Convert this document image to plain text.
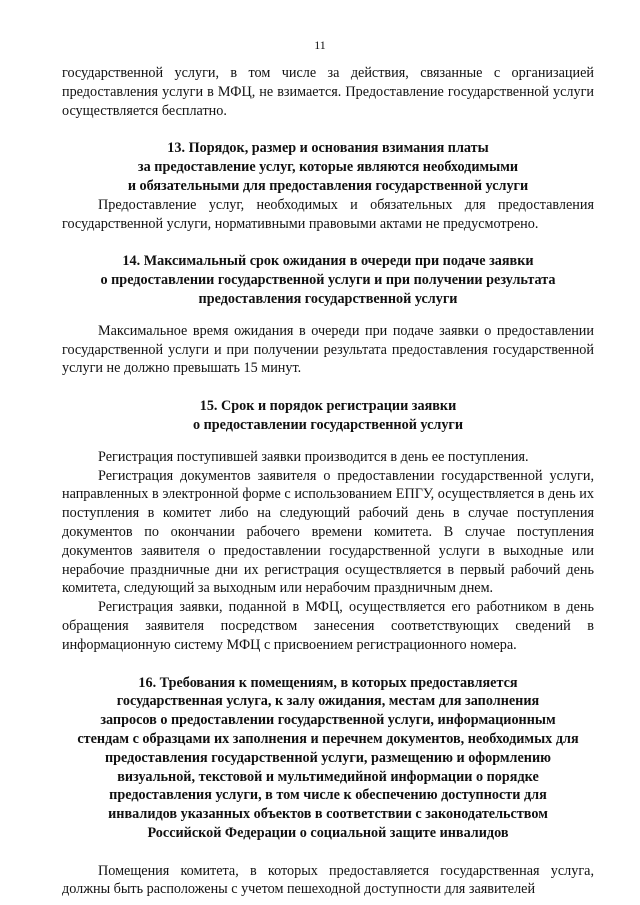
11

государственной услуги, в том числе за действия, связанные с организацией предоставления услуги в МФЦ, не взимается. Предоставление государственной услуги осуществляется бесплатно.

13. Порядок, размер и основания взимания платы
за предоставление услуг, которые являются необходимыми
и обязательными для предоставления государственной услуги

Предоставление услуг, необходимых и обязательных для предоставления государственной услуги, нормативными правовыми актами не предусмотрено.

14. Максимальный срок ожидания в очереди при подаче заявки
о предоставлении государственной услуги и при получении результата
предоставления государственной услуги

Максимальное время ожидания в очереди при подаче заявки о предоставлении государственной услуги и при получении результата предоставления государственной услуги не должно превышать 15 минут.

15. Срок и порядок регистрации заявки
о предоставлении государственной услуги

Регистрация поступившей заявки производится в день ее поступления.

Регистрация документов заявителя о предоставлении государственной услуги, направленных в электронной форме с использованием ЕПГУ, осуществляется в день их поступления в комитет либо на следующий рабочий день в случае поступления документов по окончании рабочего времени комитета. В случае поступления документов заявителя о предоставлении государственной услуги в выходные или нерабочие праздничные дни их регистрация осуществляется в первый рабочий день комитета, следующий за выходным или нерабочим праздничным днем.

Регистрация заявки, поданной в МФЦ, осуществляется его работником в день обращения заявителя посредством занесения соответствующих сведений в информационную систему МФЦ с присвоением регистрационного номера.

16. Требования к помещениям, в которых предоставляется
государственная услуга, к залу ожидания, местам для заполнения
запросов о предоставлении государственной услуги, информационным
стендам с образцами их заполнения и перечнем документов, необходимых для
предоставления государственной услуги, размещению и оформлению
визуальной, текстовой и мультимедийной информации о порядке
предоставления услуги, в том числе к обеспечению доступности для
инвалидов указанных объектов в соответствии с законодательством
Российской Федерации о социальной защите инвалидов

Помещения комитета, в которых предоставляется государственная услуга, должны быть расположены с учетом пешеходной доступности для заявителей
